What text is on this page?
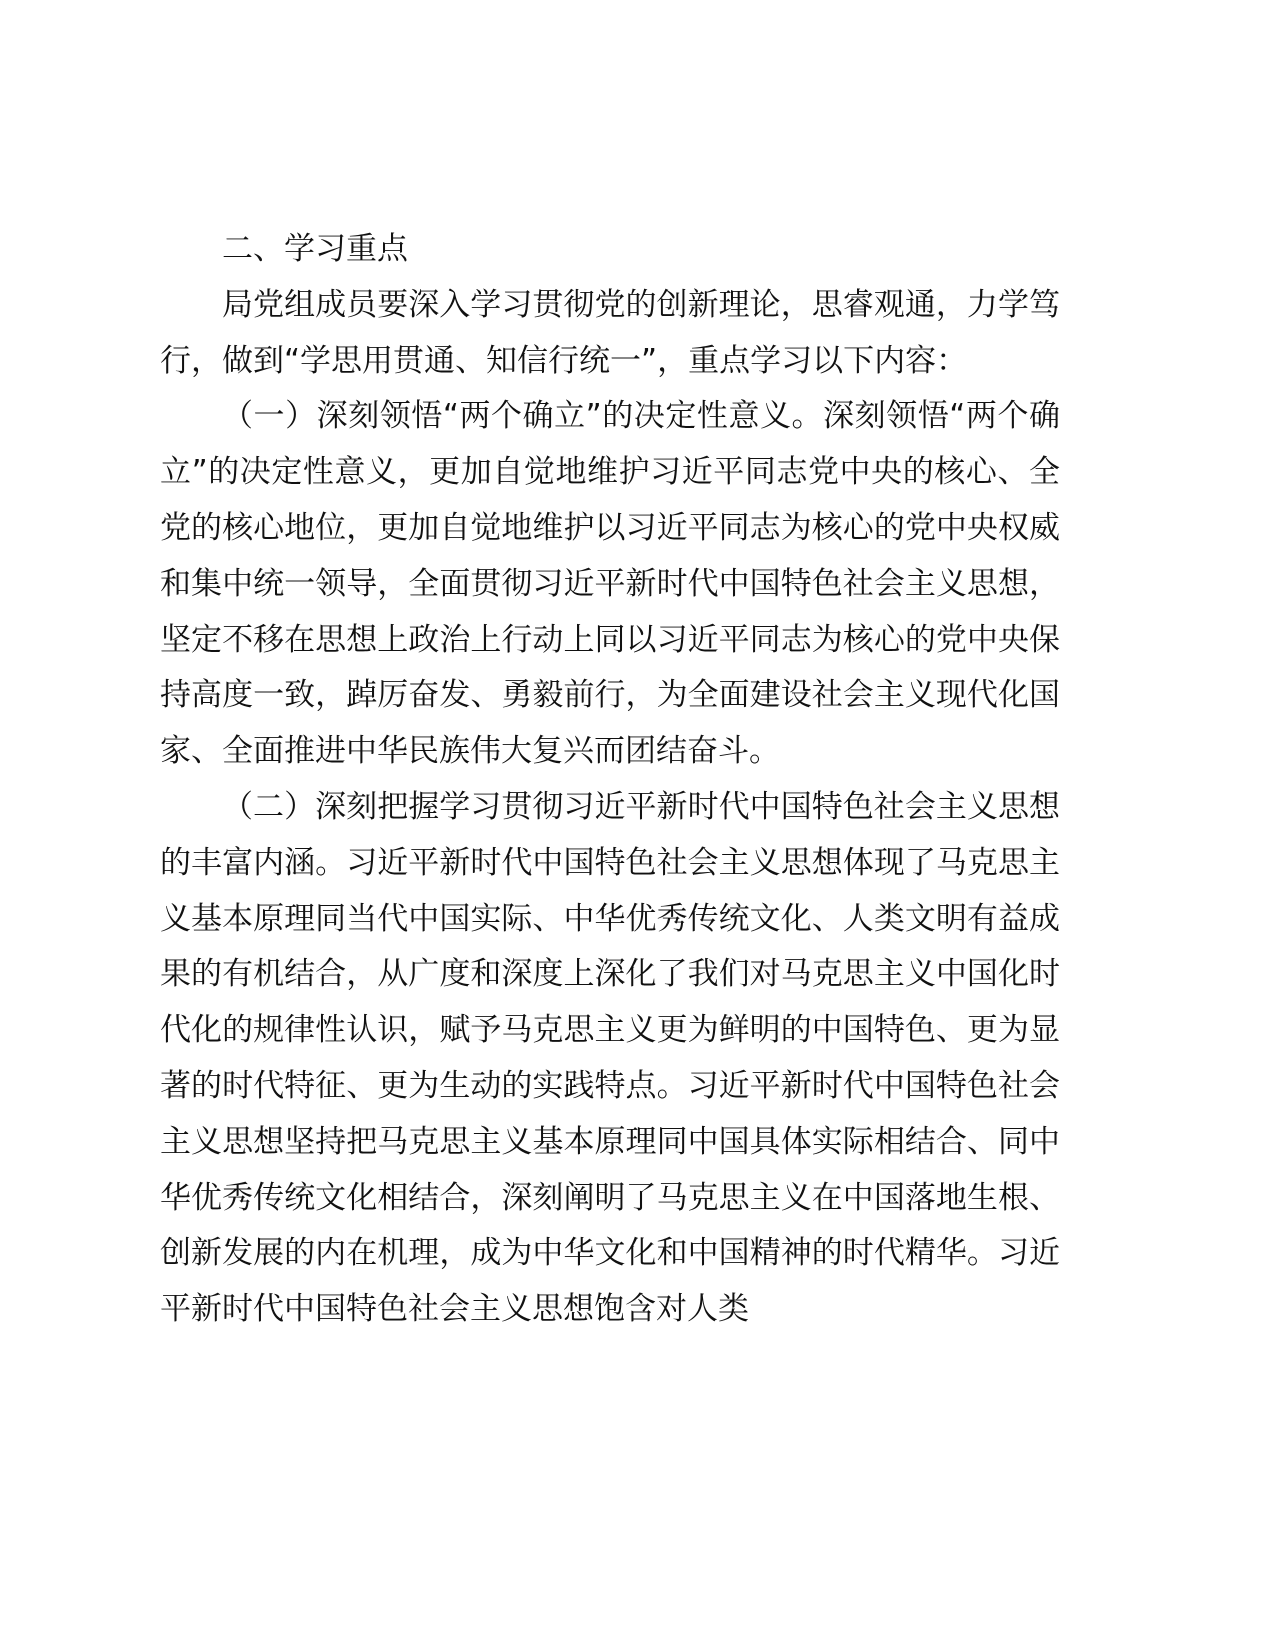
二、学习重点

局党组成员要深入学习贯彻党的创新理论，思睿观通，力学笃行，做到“学思用贯通、知信行统一”，重点学习以下内容：

（一）深刻领悟“两个确立”的决定性意义。深刻领悟“两个确立”的决定性意义，更加自觉地维护习近平同志党中央的核心、全党的核心地位，更加自觉地维护以习近平同志为核心的党中央权威和集中统一领导，全面贯彻习近平新时代中国特色社会主义思想，坚定不移在思想上政治上行动上同以习近平同志为核心的党中央保持高度一致，踔厉奋发、勇毅前行，为全面建设社会主义现代化国家、全面推进中华民族伟大复兴而团结奋斗。

（二）深刻把握学习贯彻习近平新时代中国特色社会主义思想的丰富内涵。习近平新时代中国特色社会主义思想体现了马克思主义基本原理同当代中国实际、中华优秀传统文化、人类文明有益成果的有机结合，从广度和深度上深化了我们对马克思主义中国化时代化的规律性认识，赋予马克思主义更为鲜明的中国特色、更为显著的时代特征、更为生动的实践特点。习近平新时代中国特色社会主义思想坚持把马克思主义基本原理同中国具体实际相结合、同中华优秀传统文化相结合，深刻阐明了马克思主义在中国落地生根、创新发展的内在机理，成为中华文化和中国精神的时代精华。习近平新时代中国特色社会主义思想饱含对人类
